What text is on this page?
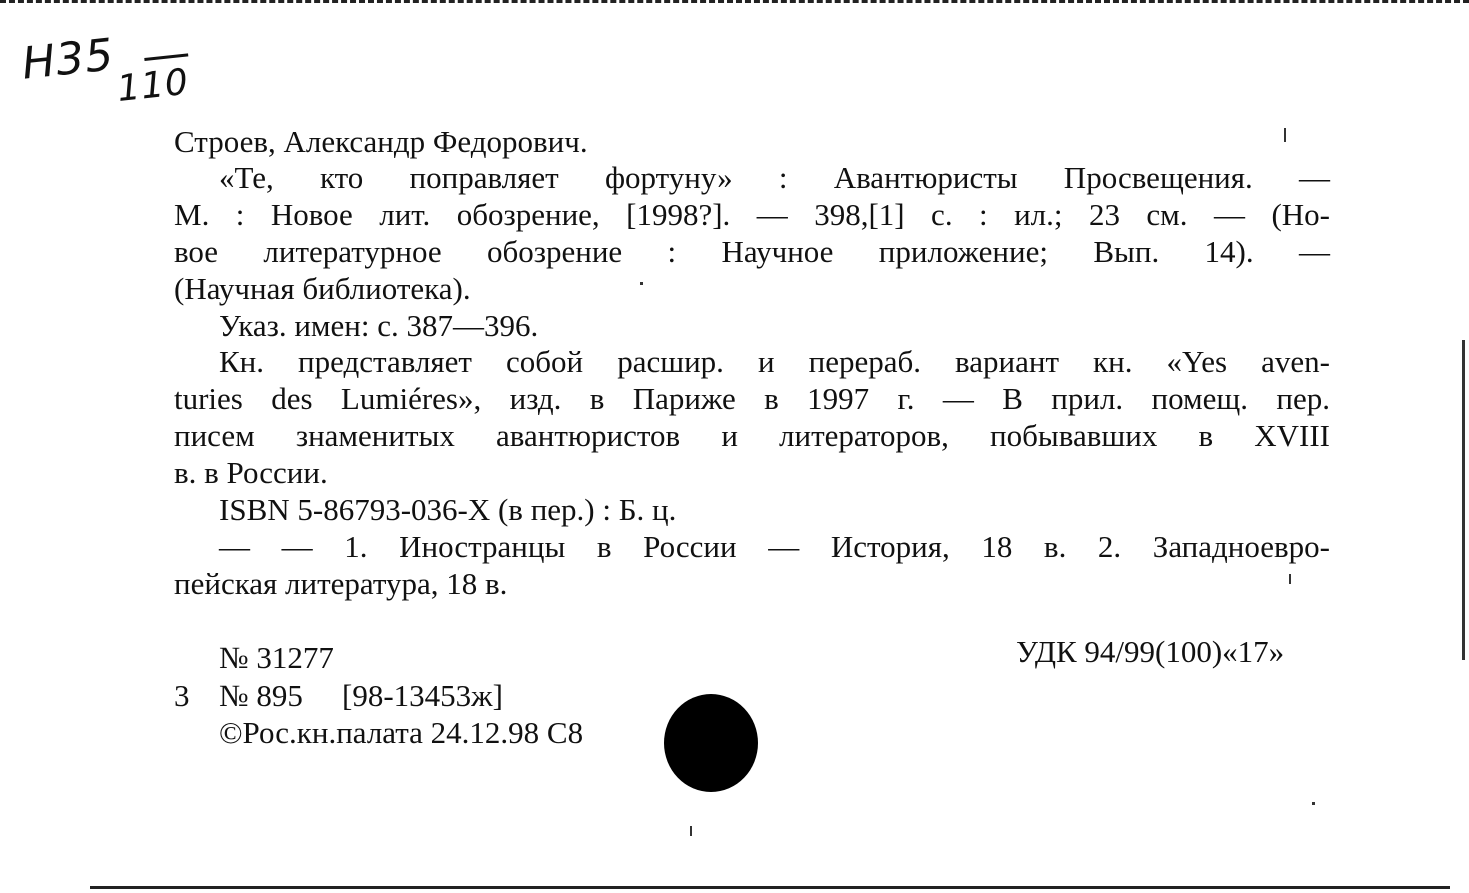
Н35
110
Строев, Александр Федорович.
«Те, кто поправляет фортуну» : Авантюристы Просвещения. —
М. : Новое лит. обозрение, [1998?]. — 398,[1] с. : ил.; 23 см. — (Но-
вое литературное обозрение : Научное приложение; Вып. 14). —
(Научная библиотека).
Указ. имен: с. 387—396.
Кн. представляет собой расшир. и перераб. вариант кн. «Yes aven-
turies des Lumiéres», изд. в Париже в 1997 г. — В прил. помещ. пер.
писем знаменитых авантюристов и литераторов, побывавших в XVIII
в. в России.
ISBN 5-86793-036-X (в пер.) : Б. ц.
— — 1. Иностранцы в России — История, 18 в. 2. Западноевро-
пейская литература, 18 в.
№ 31277	УДК 94/99(100)«17»
3 № 895 [98-13453ж]
©Рос.кн.палата 24.12.98 С8
